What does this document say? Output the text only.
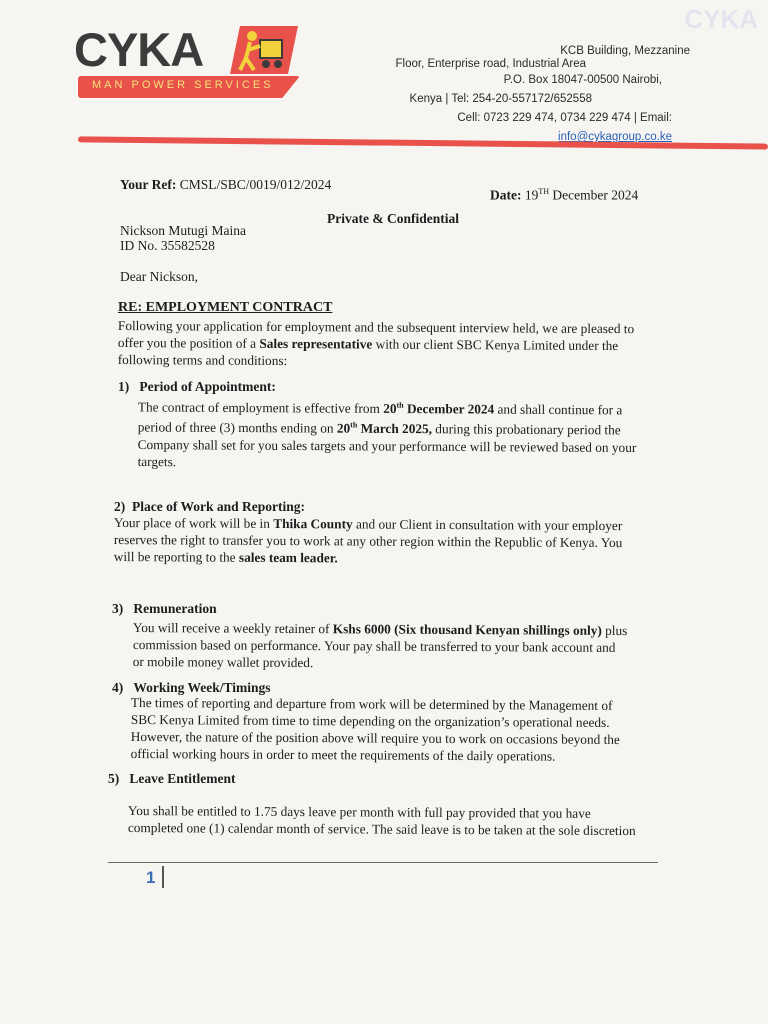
CYKA
CYKA
MAN POWER SERVICES
KCB Building, Mezzanine
Floor, Enterprise road, Industrial Area
P.O. Box 18047-00500 Nairobi,
Kenya | Tel: 254-20-557172/652558
Cell: 0723 229 474, 0734 229 474 | Email:
info@cykagroup.co.ke
Your Ref: CMSL/SBC/0019/012/2024
Date: 19TH December 2024
Private & Confidential
Nickson Mutugi Maina
ID No. 35582528
Dear Nickson,
RE: EMPLOYMENT CONTRACT

Following your application for employment and the subsequent interview held, we are pleased to

offer you the position of a Sales representative with our client SBC Kenya Limited under the

following terms and conditions:

1) Period of Appointment:

The contract of employment is effective from 20th December 2024 and shall continue for a

period of three (3) months ending on 20th March 2025, during this probationary period the

Company shall set for you sales targets and your performance will be reviewed based on your

targets.

2) Place of Work and Reporting:

Your place of work will be in Thika County and our Client in consultation with your employer

reserves the right to transfer you to work at any other region within the Republic of Kenya. You

will be reporting to the sales team leader.

3) Remuneration

You will receive a weekly retainer of Kshs 6000 (Six thousand Kenyan shillings only) plus

commission based on performance. Your pay shall be transferred to your bank account and

or mobile money wallet provided.

4) Working Week/Timings

The times of reporting and departure from work will be determined by the Management of

SBC Kenya Limited from time to time depending on the organization’s operational needs.

However, the nature of the position above will require you to work on occasions beyond the

official working hours in order to meet the requirements of the daily operations.

5) Leave Entitlement

You shall be entitled to 1.75 days leave per month with full pay provided that you have

completed one (1) calendar month of service. The said leave is to be taken at the sole discretion

1
